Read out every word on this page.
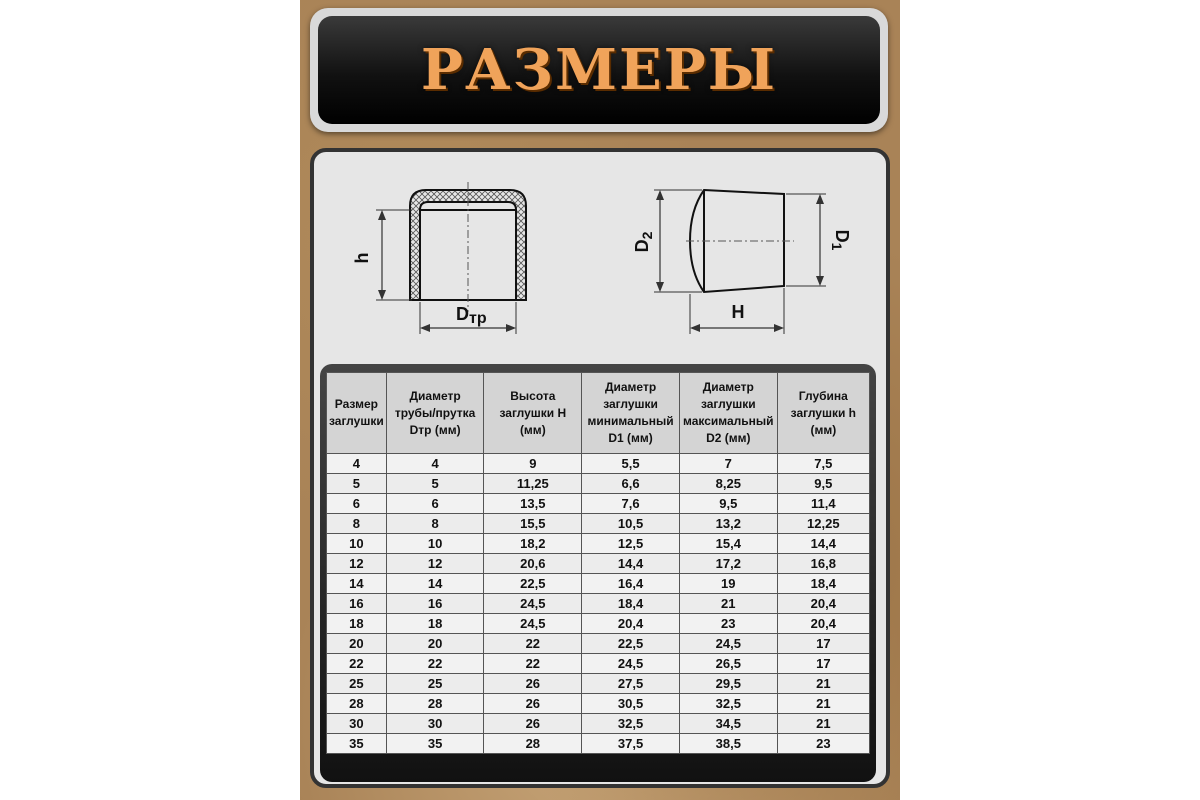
РАЗМЕРЫ
h
Dтр
$D_2$	$D_1$
H
Размер заглушки	Диаметр трубы/прутка Dтр (мм)	Высота заглушки H (мм)	Диаметр заглушки минимальный D1 (мм)	Диаметр заглушки максимальный D2 (мм)	Глубина заглушки h (мм)
4	4	9	5,5	7	7,5
5	5	11,25	6,6	8,25	9,5
6	6	13,5	7,6	9,5	11,4
8	8	15,5	10,5	13,2	12,25
10	10	18,2	12,5	15,4	14,4
12	12	20,6	14,4	17,2	16,8
14	14	22,5	16,4	19	18,4
16	16	24,5	18,4	21	20,4
18	18	24,5	20,4	23	20,4
20	20	22	22,5	24,5	17
22	22	22	24,5	26,5	17
25	25	26	27,5	29,5	21
28	28	26	30,5	32,5	21
30	30	26	32,5	34,5	21
35	35	28	37,5	38,5	23
